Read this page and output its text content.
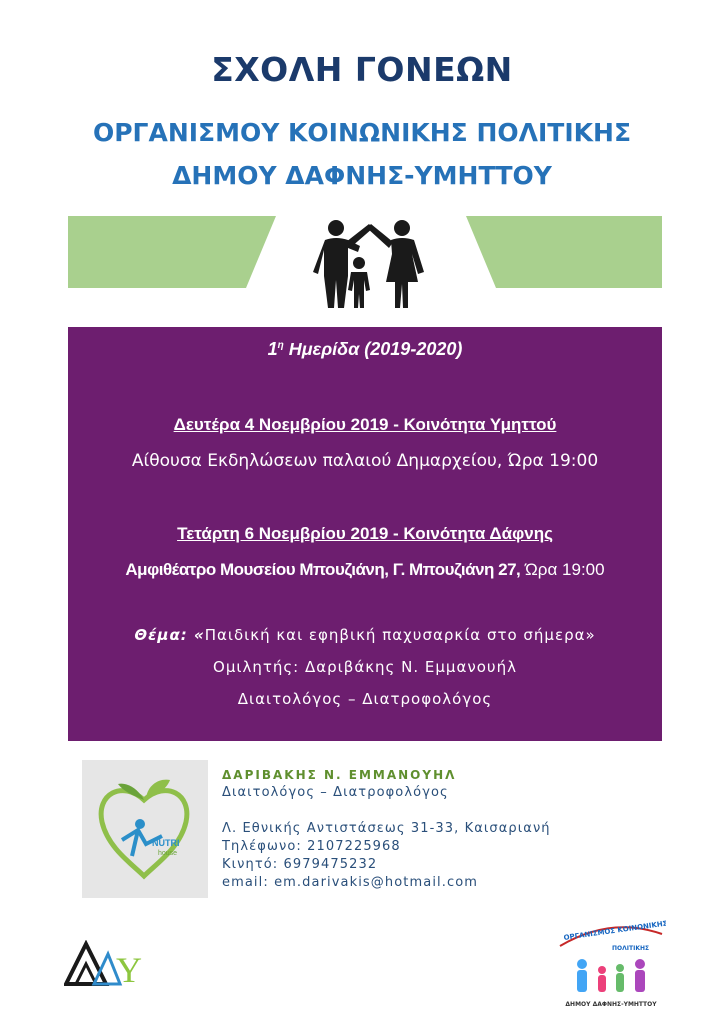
ΣΧΟΛΗ ΓΟΝΕΩΝ
ΟΡΓΑΝΙΣΜΟΥ ΚΟΙΝΩΝΙΚΗΣ ΠΟΛΙΤΙΚΗΣ
ΔΗΜΟΥ ΔΑΦΝΗΣ-ΥΜΗΤΤΟΥ
$1^\eta$ Ημερίδα (2019-2020)
Δευτέρα 4 Νοεμβρίου 2019 - Κοινότητα Υμηττού
Αίθουσα Εκδηλώσεων παλαιού Δημαρχείου, Ώρα 19:00
Τετάρτη 6 Νοεμβρίου 2019 - Κοινότητα Δάφνης
Αμφιθέατρο Μουσείου Μπουζιάνη, Γ. Μπουζιάνη 27, Ώρα 19:00
Θέμα: «Παιδική και εφηβική παχυσαρκία στο σήμερα»
Ομιλητής: Δαριβάκης Ν. Εμμανουήλ
Διαιτολόγος – Διατροφολόγος
NUTRI
house
ΔΑΡΙΒΑΚΗΣ Ν. ΕΜΜΑΝΟΥΗΛ
Διαιτολόγος – Διατροφολόγος
Λ. Εθνικής Αντιστάσεως 31-33, Καισαριανή
Τηλέφωνο: 2107225968
Κινητό: 6979475232
email: em.darivakis@hotmail.com
Υ
ΟΡΓΑΝΙΣΜΟΣ ΚΟΙΝΩΝΙΚΗΣ
ΠΟΛΙΤΙΚΗΣ
ΔΗΜΟΥ ΔΑΦΝΗΣ-ΥΜΗΤΤΟΥ
